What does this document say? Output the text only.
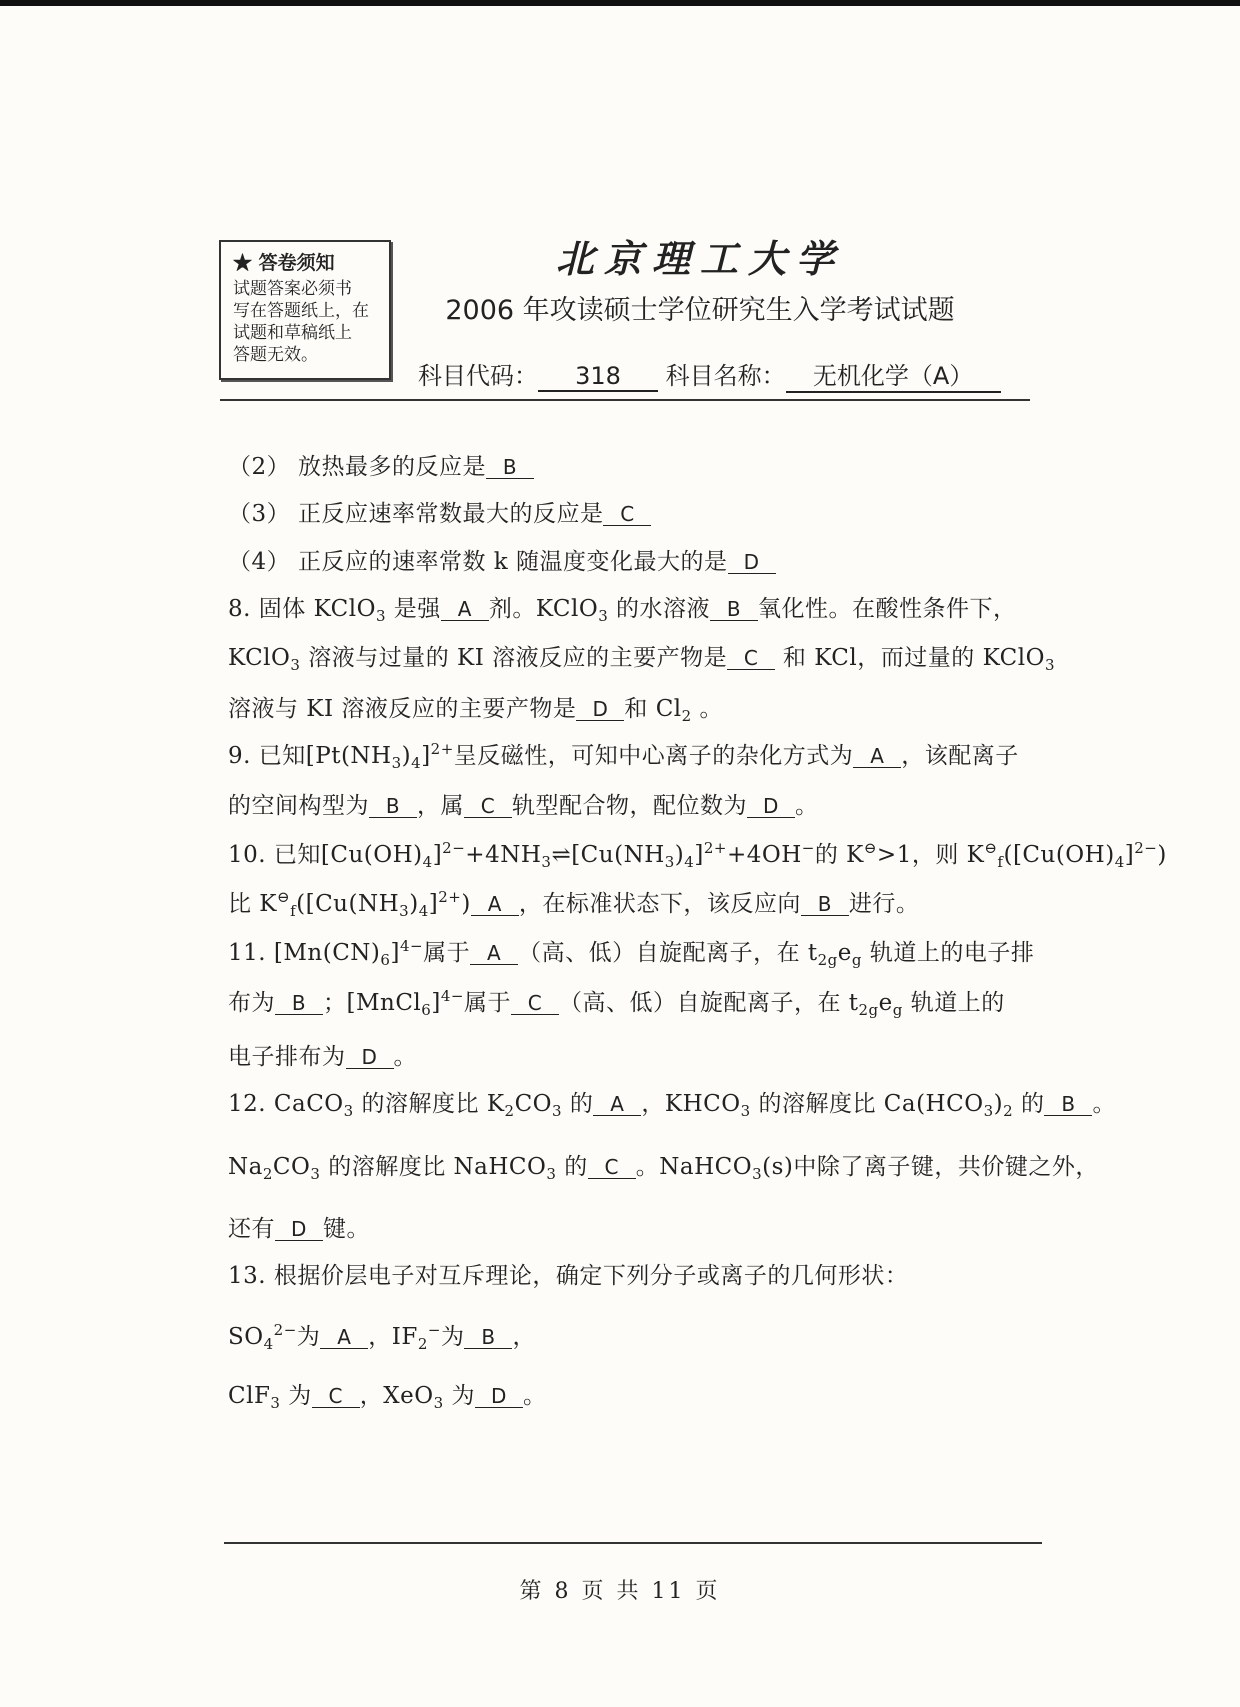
★ 答卷须知
试题答案必须书
写在答题纸上，在
试题和草稿纸上
答题无效。
北京理工大学
2006 年攻读硕士学位研究生入学考试试题
科目代码： 318 科目名称： 无机化学（A）
（2） 放热最多的反应是 B
（3） 正反应速率常数最大的反应是 C
（4） 正反应的速率常数 k 随温度变化最大的是 D
8. 固体 KClO$_3$ 是强 A 剂。KClO$_3$ 的水溶液 B 氧化性。在酸性条件下，
KClO$_3$ 溶液与过量的 KI 溶液反应的主要产物是 C 和 KCl，而过量的 KClO$_3$
溶液与 KI 溶液反应的主要产物是 D 和 $Cl_2$ 。
9. 已知$[Pt(NH_3)_4]^{2+}$呈反磁性，可知中心离子的杂化方式为 A ，该配离子
的空间构型为 B ，属 C 轨型配合物，配位数为 D 。
10. 已知$[Cu(OH)_4]^{2-}+4NH_3\rightleftharpoons[Cu(NH_3)_4]^{2+}+4OH^-$的 K⊖>1，则 $K^⊖_f([Cu(OH)_4]^{2-})$
比 $K^⊖_f([Cu(NH_3)_4]^{2+})$ A ，在标准状态下，该反应向 B 进行。
11. $[Mn(CN)_6]^{4-}$属于 A （高、低）自旋配离子，在 $t_{2g}e_g$ 轨道上的电子排
布为 B ；[MnCl$_6$]$^{4-}$属于 C （高、低）自旋配离子，在 $t_{2g}e_g$ 轨道上的
电子排布为 D 。
12. CaCO$_3$ 的溶解度比 $K_2CO_3$ 的 A ，$KHCO_3$ 的溶解度比 $Ca(HCO_3)_2$ 的 B 。
$Na_2CO_3$ 的溶解度比 NaHCO$_3$ 的 C 。NaHCO$_3$(s)中除了离子键，共价键之外，
还有 D 键。
13. 根据价层电子对互斥理论，确定下列分子或离子的几何形状：
$SO_4^{2-}$为 A ，$IF_2^-$为 B ，
ClF$_3$ 为 C ，XeO$_3$ 为 D 。
第 8 页 共 11 页
